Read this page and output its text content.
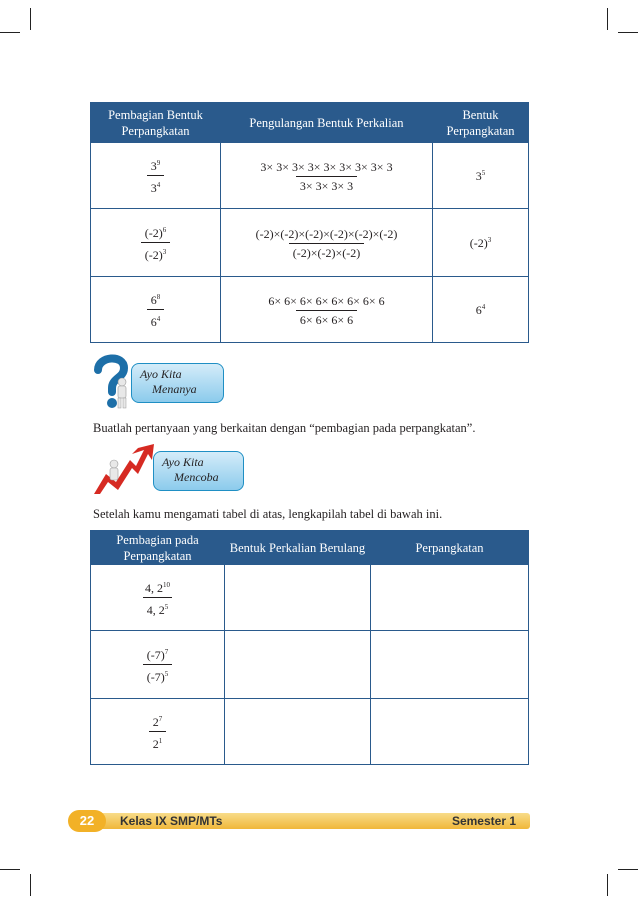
Pembagian Bentuk Perpangkatan	Pengulangan Bentuk Perkalian	Bentuk Perpangkatan

$\frac{3^9}{3^4}$	$\frac{3\times 3\times 3\times 3\times 3\times 3\times 3\times 3\times 3}{3\times 3\times 3\times 3}$	$3^5$

$\frac{(-2)^6}{(-2)^3}$	$\frac{(-2)\times(-2)\times(-2)\times(-2)\times(-2)\times(-2)}{(-2)\times(-2)\times(-2)}$	$(-2)^3$

$\frac{6^8}{6^4}$	$\frac{6\times 6\times 6\times 6\times 6\times 6\times 6\times 6}{6\times 6\times 6\times 6}$	$6^4$
Ayo Kita
Menanya
Buatlah pertanyaan yang berkaitan dengan “pembagian pada perpangkatan”.
Ayo Kita
Mencoba
Setelah kamu mengamati tabel di atas, lengkapilah tabel di bawah ini.
Pembagian pada Perpangkatan	Bentuk Perkalian Berulang	Perpangkatan

$\frac{4, 2^{10}}{4, 2^5}$

$\frac{(-7)^7}{(-7)^5}$

$\frac{2^7}{2^1}$

22	Kelas IX SMP/MTs	Semester 1
